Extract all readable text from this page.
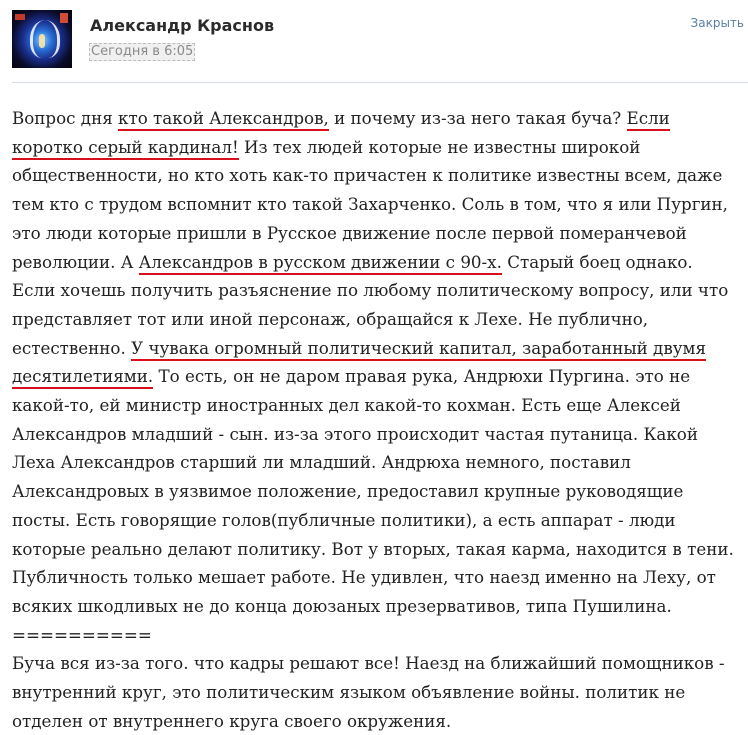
Александр Краснов
Сегодня в 6:05
Закрыть

Вопрос дня кто такой Александров, и почему из-за него такая буча? Если коротко серый кардинал! Из тех людей которые не известны широкой общественности, но кто хоть как-то причастен к политике известны всем, даже тем кто с трудом вспомнит кто такой Захарченко. Соль в том, что я или Пургин, это люди которые пришли в Русское движение после первой померанчевой революции. А Александров в русском движении с 90-х. Старый боец однако. Если хочешь получить разъяснение по любому политическому вопросу, или что представляет тот или иной персонаж, обращайся к Лехе. Не публично, естественно. У чувака огромный политический капитал, заработанный двумя десятилетиями. То есть, он не даром правая рука, Андрюхи Пургина. это не какой-то, ей министр иностранных дел какой-то кохман. Есть еще Алексей Александров младший - сын. из-за этого происходит частая путаница. Какой Леха Александров старший ли младший. Андрюха немного, поставил Александровых в уязвимое положение, предоставил крупные руководящие посты. Есть говорящие голов(публичные политики), а есть аппарат - люди которые реально делают политику. Вот у вторых, такая карма, находится в тени. Публичность только мешает работе. Не удивлен, что наезд именно на Леху, от всяких шкодливых не до конца доюзаных презервативов, типа Пушилина.

==========

Буча вся из-за того. что кадры решают все! Наезд на ближайший помощников - внутренний круг, это политическим языком объявление войны. политик не отделен от внутреннего круга своего окружения.
